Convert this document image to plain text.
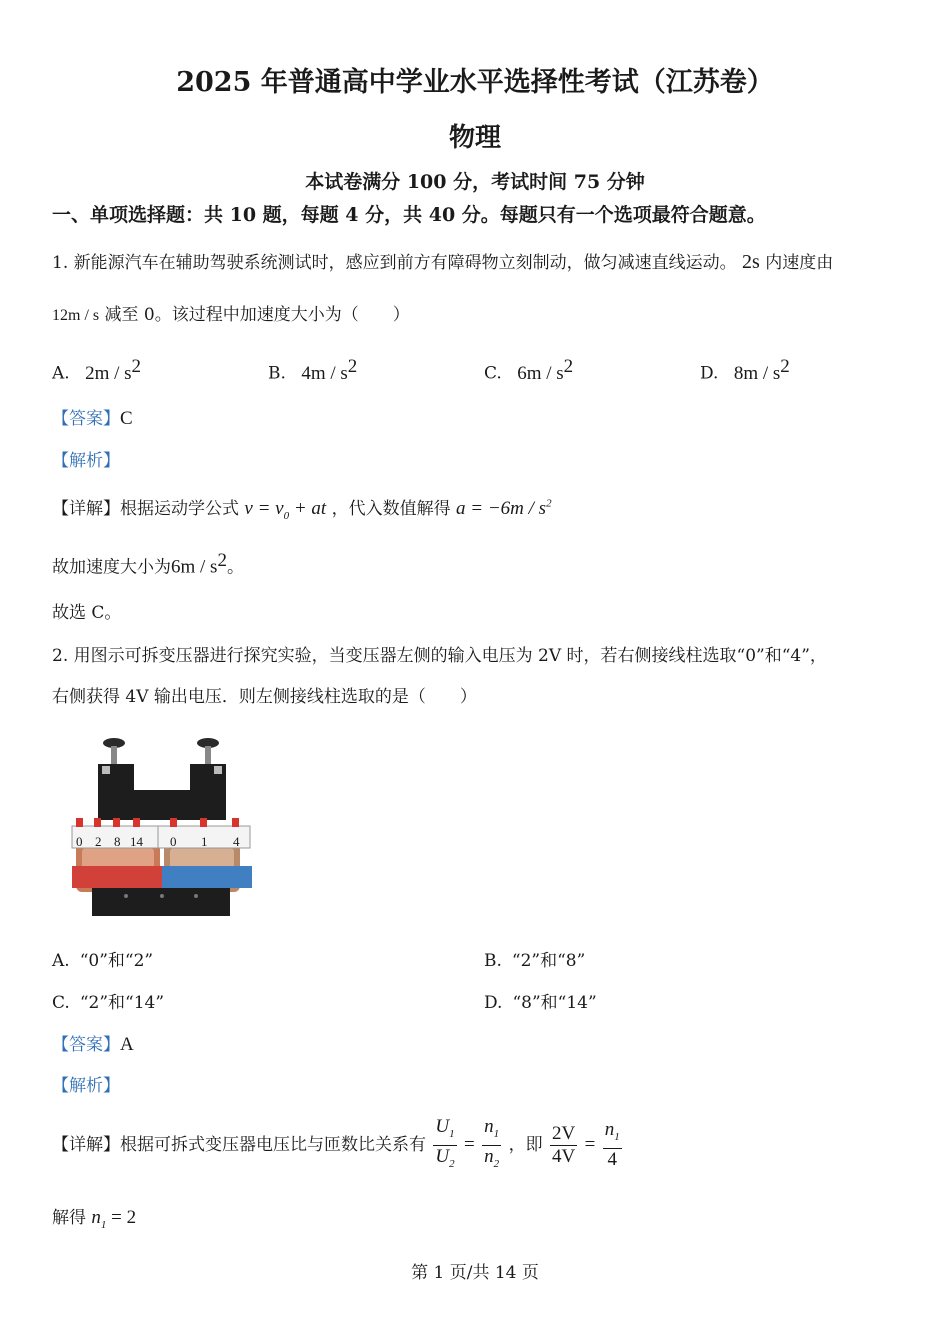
2025 年普通高中学业水平选择性考试（江苏卷）
物理
本试卷满分 100 分，考试时间 75 分钟
一、单项选择题：共 10 题，每题 4 分，共 40 分。每题只有一个选项最符合题意。
1. 新能源汽车在辅助驾驶系统测试时，感应到前方有障碍物立刻制动，做匀减速直线运动。 2s 内速度由
12m / s 减至 0。该过程中加速度大小为（　　）
A. $2m / s^2$	B. $4m / s^2$	C. $6m / s^2$	D. $8m / s^2$
【答案】C
【解析】
【详解】根据运动学公式 $v = v_0$ + at ，代入数值解得 $a = -6m / s^2$
故加速度大小为$6m / s^2$。
故选 C。
2. 用图示可拆变压器进行探究实验，当变压器左侧的输入电压为 2V 时，若右侧接线柱选取“0”和“4”，
右侧获得 4V 输出电压．则左侧接线柱选取的是（　　）
0 2 8 14 0 1 4
A. “0”和“2”	B. “2”和“8”
C. “2”和“14”	D. “8”和“14”
【答案】A
【解析】
【详解】根据可拆式变压器电压比与匝数比关系有 $\frac{U_1}{U_2} = \frac{n_1}{n_2}$ ，即 $\frac{2V}{4V} = \frac{n_1}{4}$
解得 $n_1 = 2$
第 1 页/共 14 页
